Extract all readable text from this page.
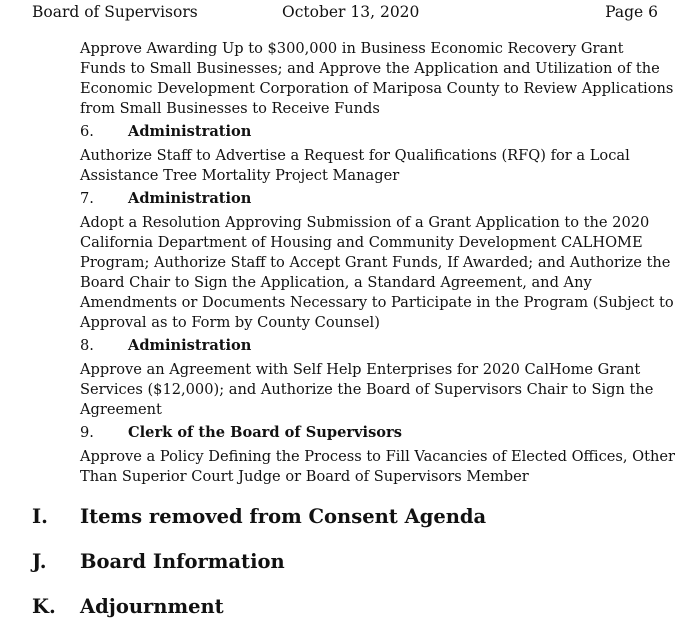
Board of Supervisors	October 13, 2020	Page 6

Approve Awarding Up to $300,000 in Business Economic Recovery Grant
Funds to Small Businesses; and Approve the Application and Utilization of the
Economic Development Corporation of Mariposa County to Review Applications
from Small Businesses to Receive Funds

6. Administration

Authorize Staff to Advertise a Request for Qualifications (RFQ) for a Local
Assistance Tree Mortality Project Manager

7. Administration

Adopt a Resolution Approving Submission of a Grant Application to the 2020
California Department of Housing and Community Development CALHOME
Program; Authorize Staff to Accept Grant Funds, If Awarded; and Authorize the
Board Chair to Sign the Application, a Standard Agreement, and Any
Amendments or Documents Necessary to Participate in the Program (Subject to
Approval as to Form by County Counsel)

8. Administration

Approve an Agreement with Self Help Enterprises for 2020 CalHome Grant
Services ($12,000); and Authorize the Board of Supervisors Chair to Sign the
Agreement

9. Clerk of the Board of Supervisors

Approve a Policy Defining the Process to Fill Vacancies of Elected Offices, Other
Than Superior Court Judge or Board of Supervisors Member

I. Items removed from Consent Agenda
J. Board Information
K. Adjournment
